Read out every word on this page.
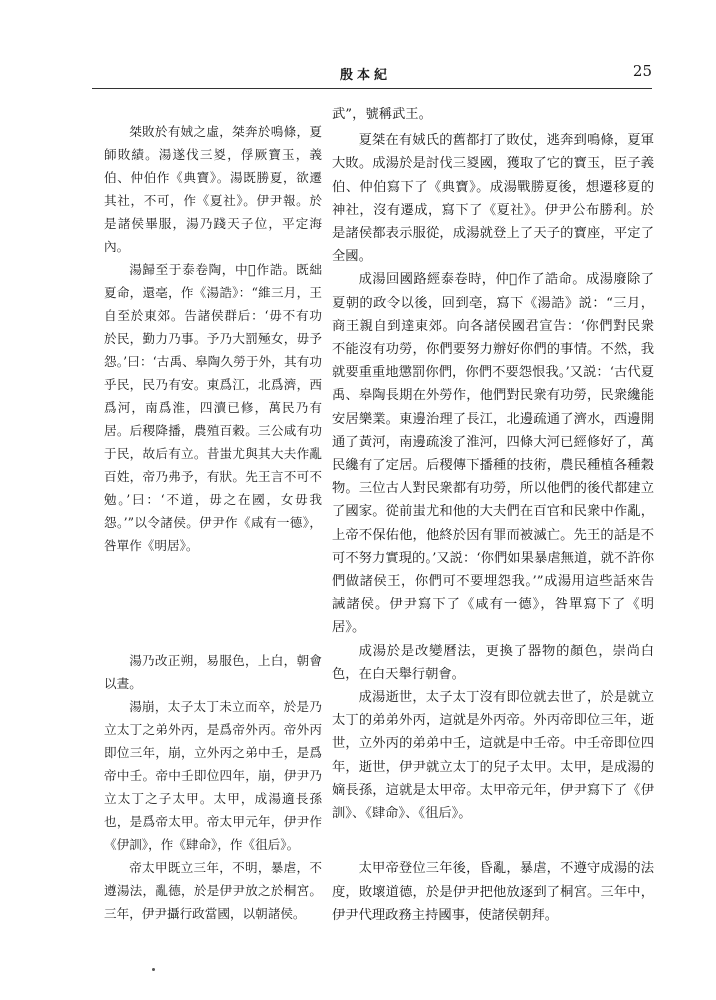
殷本紀	25

桀敗於有娀之虛，桀奔於鳴條，夏師敗績。湯遂伐三㚇，俘厥寶玉，義伯、仲伯作《典寶》。湯既勝夏，欲遷其社，不可，作《夏社》。伊尹報。於是諸侯畢服，湯乃踐天子位，平定海內。

湯歸至于泰卷陶，中𤳱作誥。既絀夏命，還亳，作《湯誥》：“維三月，王自至於東郊。告諸侯群后：‘毋不有功於民，勤力乃事。予乃大罰殛女，毋予怨。’曰：‘古禹、皋陶久勞于外，其有功乎民，民乃有安。東爲江，北爲濟，西爲河，南爲淮，四瀆已修，萬民乃有居。后稷降播，農殖百穀。三公咸有功于民，故后有立。昔蚩尤與其大夫作亂百姓，帝乃弗予，有狀。先王言不可不勉。’曰：‘不道，毋之在國，女毋我怨。’”以令諸侯。伊尹作《咸有一德》，咎單作《明居》。

湯乃改正朔，易服色，上白，朝會以晝。

湯崩，太子太丁未立而卒，於是乃立太丁之弟外丙，是爲帝外丙。帝外丙即位三年，崩，立外丙之弟中壬，是爲帝中壬。帝中壬即位四年，崩，伊尹乃立太丁之子太甲。太甲，成湯適長孫也，是爲帝太甲。帝太甲元年，伊尹作《伊訓》，作《肆命》，作《徂后》。

帝太甲既立三年，不明，暴虐，不遵湯法，亂德，於是伊尹放之於桐宮。三年，伊尹攝行政當國，以朝諸侯。

武”，號稱武王。

夏桀在有娀氏的舊都打了敗仗，逃奔到鳴條，夏軍大敗。成湯於是討伐三㚇國，獲取了它的寶玉，臣子義伯、仲伯寫下了《典寶》。成湯戰勝夏後，想遷移夏的神社，沒有遷成，寫下了《夏社》。伊尹公布勝利。於是諸侯都表示服從，成湯就登上了天子的寶座，平定了全國。

成湯回國路經泰卷時，仲𤳱作了誥命。成湯廢除了夏朝的政令以後，回到亳，寫下《湯誥》説：“三月，商王親自到達東郊。向各諸侯國君宣告：‘你們對民衆不能沒有功勞，你們要努力辦好你們的事情。不然，我就要重重地懲罰你們，你們不要怨恨我。’又説：‘古代夏禹、皋陶長期在外勞作，他們對民衆有功勞，民衆纔能安居樂業。東邊治理了長江，北邊疏通了濟水，西邊開通了黃河，南邊疏浚了淮河，四條大河已經修好了，萬民纔有了定居。后稷傳下播種的技術，農民種植各種穀物。三位古人對民衆都有功勞，所以他們的後代都建立了國家。從前蚩尤和他的大夫們在百官和民衆中作亂，上帝不保佑他，他終於因有罪而被滅亡。先王的話是不可不努力實現的。’又説：‘你們如果暴虐無道，就不許你們做諸侯王，你們可不要埋怨我。’”成湯用這些話來告誡諸侯。伊尹寫下了《咸有一德》，咎單寫下了《明居》。

成湯於是改變曆法，更換了器物的顏色，崇尚白色，在白天舉行朝會。

成湯逝世，太子太丁沒有即位就去世了，於是就立太丁的弟弟外丙，這就是外丙帝。外丙帝即位三年，逝世，立外丙的弟弟中壬，這就是中壬帝。中壬帝即位四年，逝世，伊尹就立太丁的兒子太甲。太甲，是成湯的嫡長孫，這就是太甲帝。太甲帝元年，伊尹寫下了《伊訓》、《肆命》、《徂后》。

太甲帝登位三年後，昏亂，暴虐，不遵守成湯的法度，敗壞道德，於是伊尹把他放逐到了桐宮。三年中，伊尹代理政務主持國事，使諸侯朝拜。
